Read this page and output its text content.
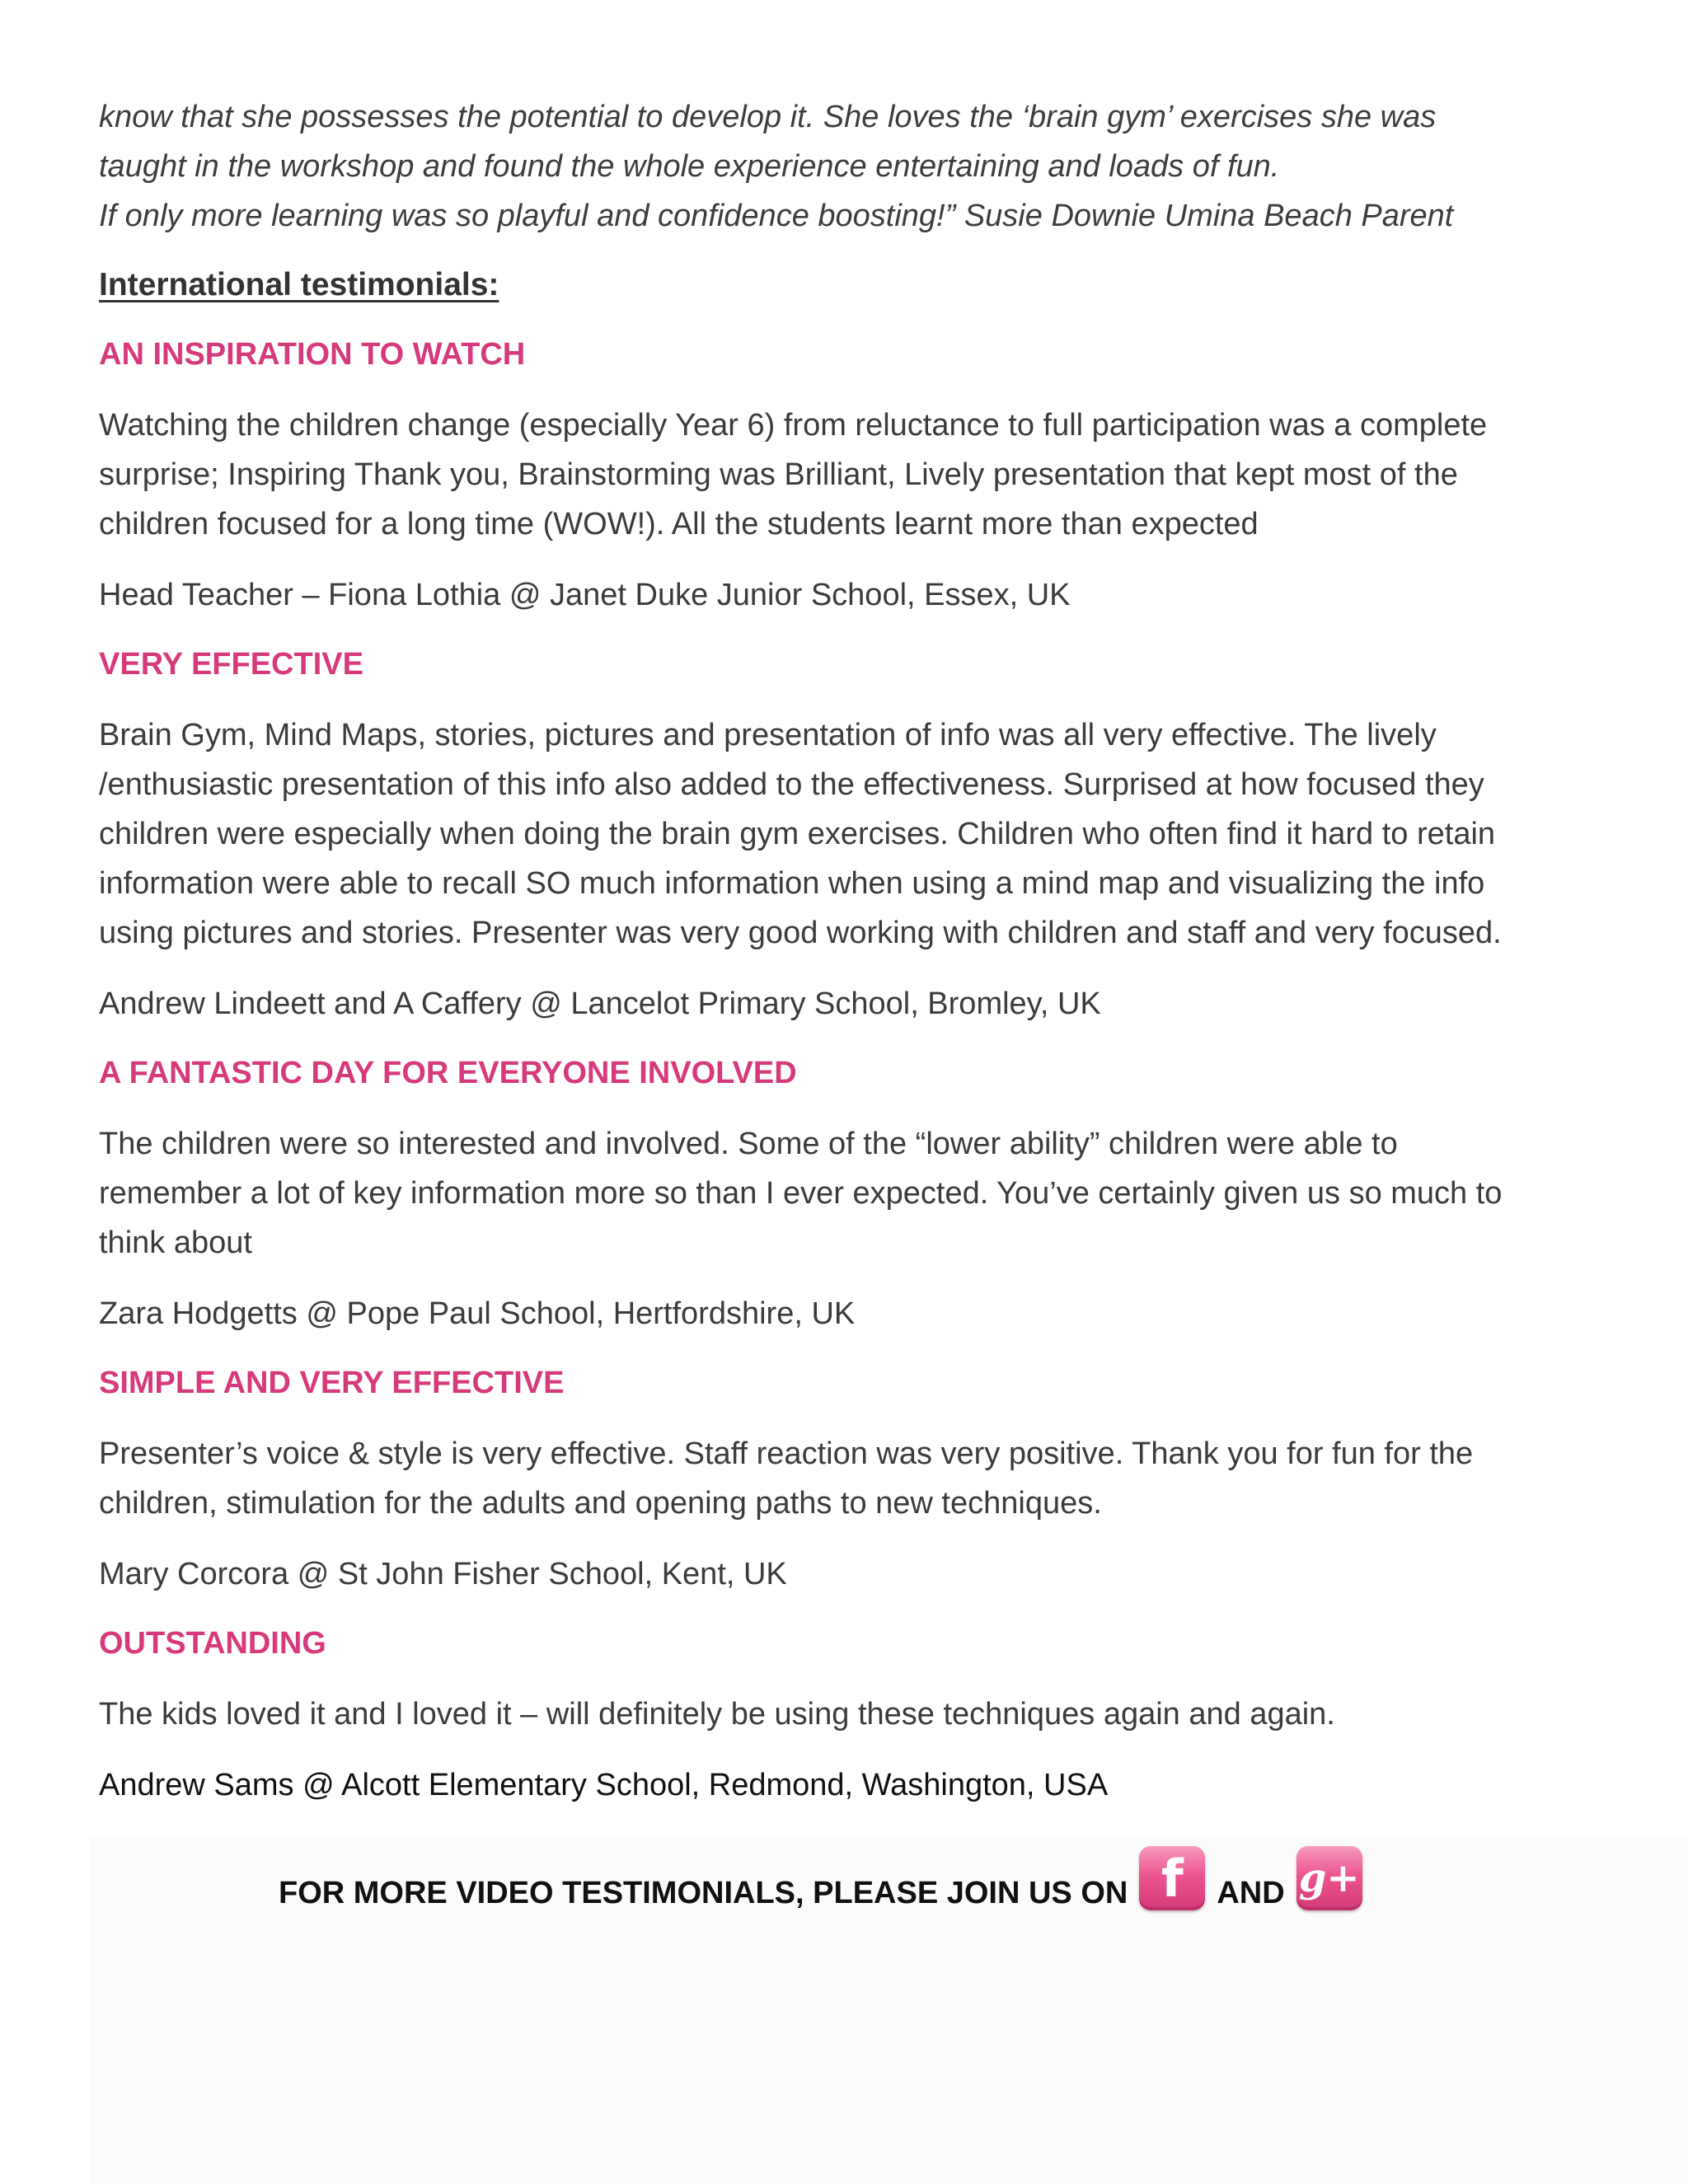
know that she possesses the potential to develop it. She loves the ‘brain gym’ exercises she was
taught in the workshop and found the whole experience entertaining and loads of fun.
If only more learning was so playful and confidence boosting!” Susie Downie Umina Beach Parent

International testimonials:
AN INSPIRATION TO WATCH

Watching the children change (especially Year 6) from reluctance to full participation was a complete
surprise; Inspiring Thank you, Brainstorming was Brilliant, Lively presentation that kept most of the
children focused for a long time (WOW!). All the students learnt more than expected

Head Teacher – Fiona Lothia @ Janet Duke Junior School, Essex, UK

VERY EFFECTIVE

Brain Gym, Mind Maps, stories, pictures and presentation of info was all very effective. The lively
/enthusiastic presentation of this info also added to the effectiveness. Surprised at how focused they
children were especially when doing the brain gym exercises. Children who often find it hard to retain
information were able to recall SO much information when using a mind map and visualizing the info
using pictures and stories. Presenter was very good working with children and staff and very focused.

Andrew Lindeett and A Caffery @ Lancelot Primary School, Bromley, UK

A FANTASTIC DAY FOR EVERYONE INVOLVED

The children were so interested and involved. Some of the “lower ability” children were able to
remember a lot of key information more so than I ever expected. You’ve certainly given us so much to
think about

Zara Hodgetts @ Pope Paul School, Hertfordshire, UK

SIMPLE AND VERY EFFECTIVE

Presenter’s voice & style is very effective. Staff reaction was very positive. Thank you for fun for the
children, stimulation for the adults and opening paths to new techniques.

Mary Corcora @ St John Fisher School, Kent, UK

OUTSTANDING

The kids loved it and I loved it – will definitely be using these techniques again and again.

Andrew Sams @ Alcott Elementary School, Redmond, Washington, USA

FOR MORE VIDEO TESTIMONIALS, PLEASE JOIN US ON f	AND g+
